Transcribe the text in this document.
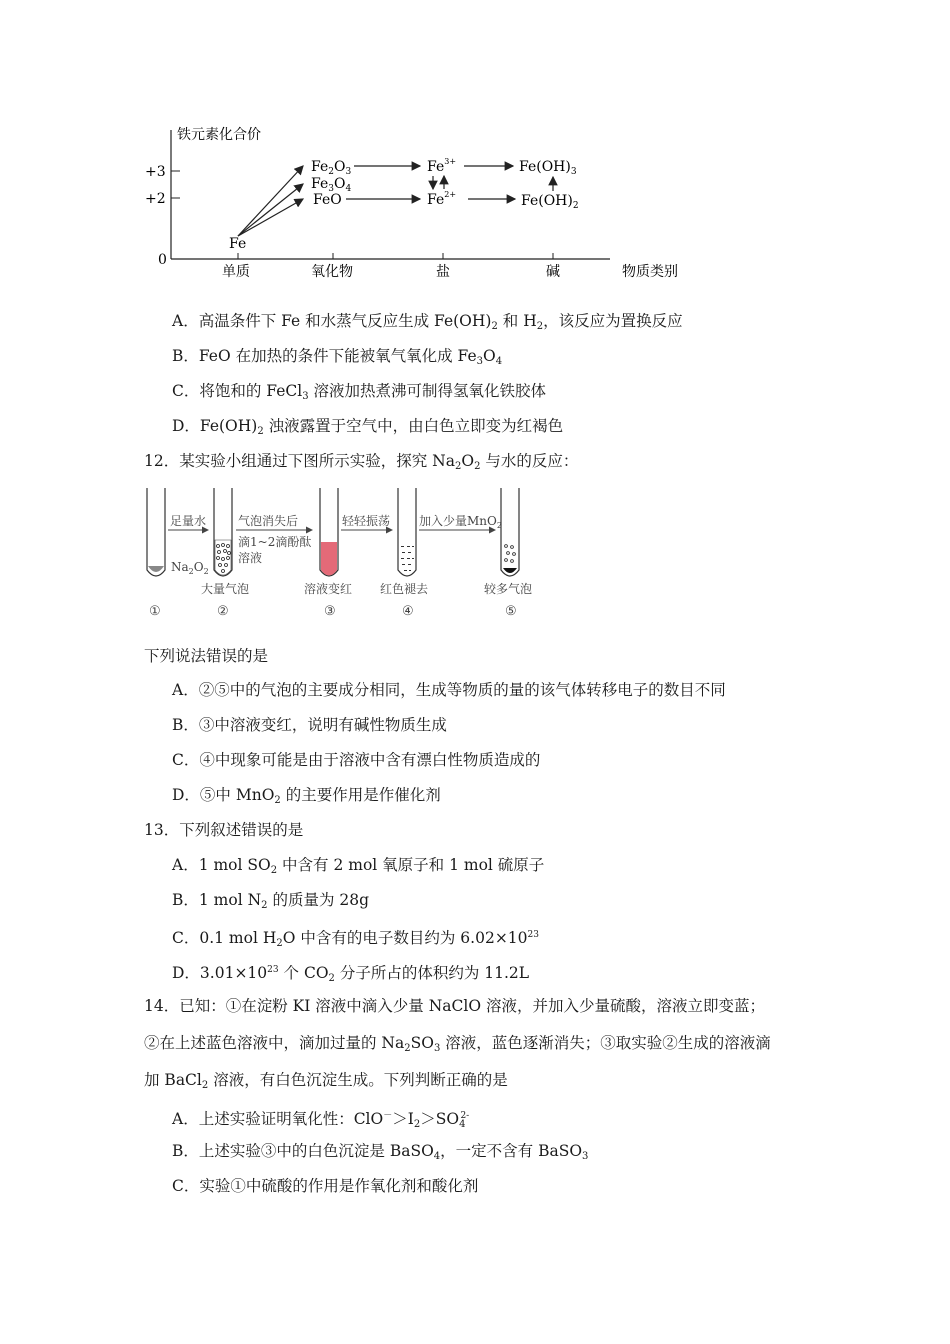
铁元素化合价
+3
+2
0
单质	氧化物	盐	碱	物质类别
Fe
$Fe_2O_3$
$Fe_3O_4$
FeO
$Fe^{3+}$
$Fe^{2+}$
$Fe(OH)_3$
$Fe(OH)_2$
A．高温条件下 Fe 和水蒸气反应生成 $Fe(OH)_2$ 和 $H_2$，该反应为置换反应
B．FeO 在加热的条件下能被氧气氧化成 $Fe_3O_4$
C．将饱和的 FeCl$_3$ 溶液加热煮沸可制得氢氧化铁胶体
D．$Fe(OH)_2$ 浊液露置于空气中，由白色立即变为红褐色
12．某实验小组通过下图所示实验，探究 $Na_2O_2$ 与水的反应：
足量水	气泡消失后
滴1~2滴酚酞
溶液
轻轻振荡 加入少量MnO$_2$
$Na_2O_2$
大量气泡	溶液变红 红色褪去	较多气泡
①	②	③	④	⑤
下列说法错误的是
A．②⑤中的气泡的主要成分相同，生成等物质的量的该气体转移电子的数目不同
B．③中溶液变红，说明有碱性物质生成
C．④中现象可能是由于溶液中含有漂白性物质造成的
D．⑤中 MnO$_2$ 的主要作用是作催化剂
13．下列叙述错误的是
A．1 mol $SO_2$ 中含有 2 mol 氧原子和 1 mol 硫原子
B．1 mol $N_2$ 的质量为 28g
C．0.1 mol $H_2O$ 中含有的电子数目约为 $6.02\times 10^{23}$
D．$3.01\times 10^{23}$ 个 $CO_2$ 分子所占的体积约为 11.2L
14．已知：①在淀粉 KI 溶液中滴入少量 NaClO 溶液，并加入少量硫酸，溶液立即变蓝；
②在上述蓝色溶液中，滴加过量的 $Na_2SO_3$ 溶液，蓝色逐渐消失；③取实验②生成的溶液滴
加 BaCl$_2$ 溶液，有白色沉淀生成。下列判断正确的是
A．上述实验证明氧化性：$ClO^->I_2>SO_4^{2-}$
B．上述实验③中的白色沉淀是 BaSO$_4$，一定不含有 BaSO$_3$
C．实验①中硫酸的作用是作氧化剂和酸化剂
